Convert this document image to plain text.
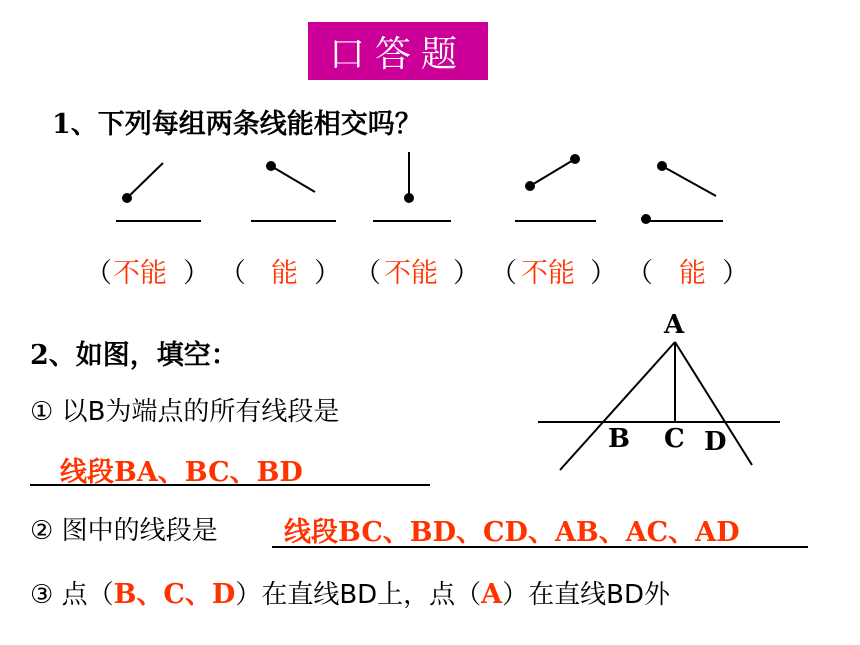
口答题
1、下列每组两条线能相交吗？
（ 不能 ） （ 能 ） （ 不能 ） （ 不能 ） （ 能 ）
2、如图，填空：
A
B C D
① 以B为端点的所有线段是
线段BA、BC、BD
② 图中的线段是 线段BC、BD、CD、AB、AC、AD
③ 点（B、C、D）在直线BD上，点（A）在直线BD外
